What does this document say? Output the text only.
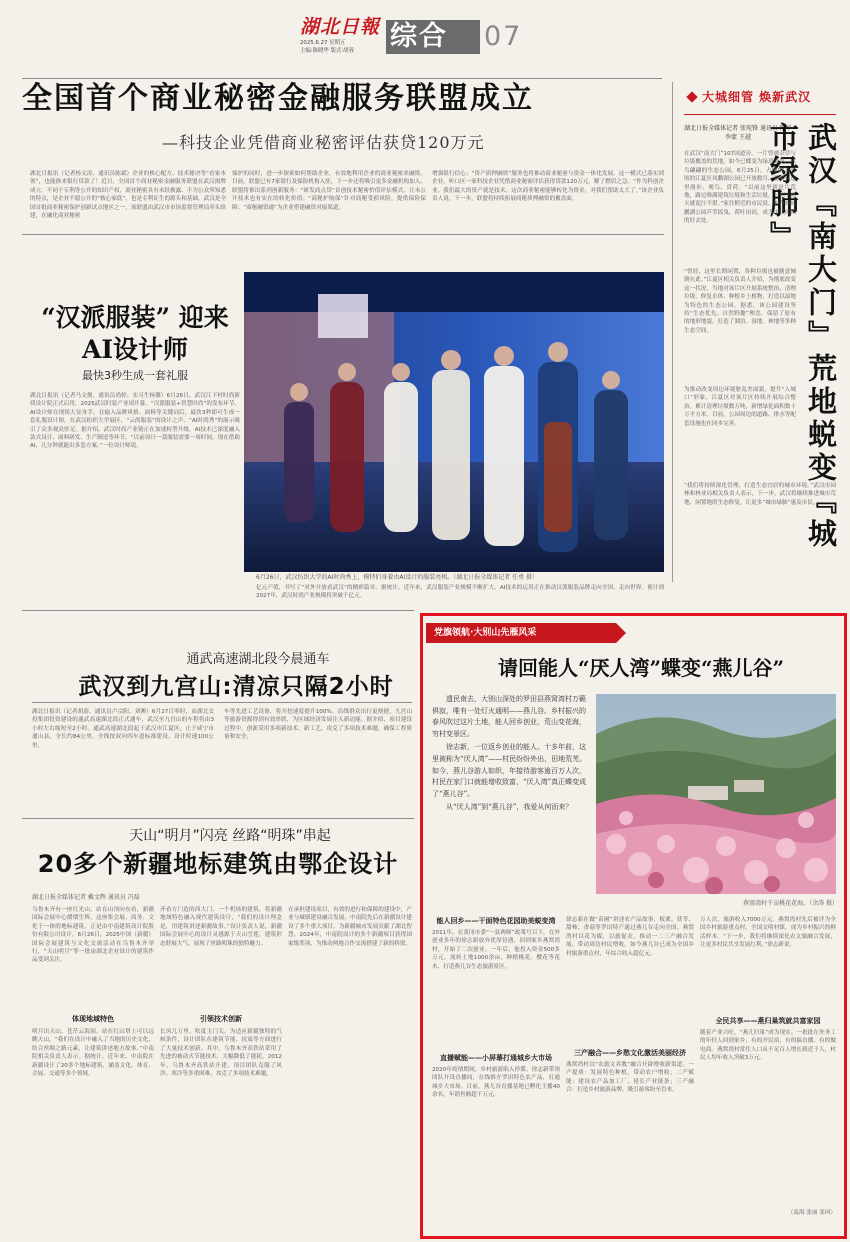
湖北日報
2025.6.27 星期五
主编:陈晓华 版式:胡蓉	综合 07
全国首个商业秘密金融服务联盟成立
—科技企业凭借商业秘密评估获贷120万元
湖北日报讯（记者杨文涛、通讯员陈斌）企业的核心配方、技术秘诀等“看家本领”，也能换来银行贷款了！近日，全国首个商业秘密金融服务联盟在武汉揭牌成立。不同于专利等公开的知识产权，商业秘密具有未经披露、不为公众所知悉的特点，是企业不愿公开的“核心家底”，也是专利证生的源头和基础。武汉是全国首批商业秘密保护创新试点地区之一，该联盟由武汉市市场监督管理局牵头组建，在融化商业秘密
保护的同时，进一步探索如何帮助企业，有效地利用企业的商业秘密来融资。目前，联盟已有7家银行及保险机构入驻，下一步还将吸引更多金融机构加入。联盟将推出系列创新服务：“研发商点贷”首创技术秘密价值评估模式，让未公开技术也有实在的转化价值；“商秘护航保”针对商秘受损风险，提供保险保障；“商秘融资通”为企业搭建融资对接渠道。
增强银行信心；“资产质押融资”服务也将推动商业秘密与资金一体化发展。这一模式已落实到企业。听口区一家科技企业凭借商业秘密评估获得贷款120万元，解了燃眉之急。“作为科创企业，我们最大的资产就是技术，这次商业秘密能够转化为资金，对我们帮助太大了。”该企业负责人说。下一步，联盟将持续拓展商秘质押融资的覆盖面。
大城细管 焕新武汉
湖北日报全媒体记者 张宛锋 通讯员 陈平 李蒙 王越	武汉『南大门』荒地蜕变『城市绿肺』
在武汉“南大门”107国道旁，一片曾被杂草与垃圾覆盖的荒地，如今已蝶变为绿意盎然、水鸟翩翩的生态公园。6月25日，占地96.9公顷的江夏区凤鹏湖公园已开放数月，游客在这里漫步、观鸟、赏荷。“以前这里就是片荒地，路边堆满建筑垃圾和生活垃圾，一到下雨天就泥泞不堪。”家住附近的市民说。如今的凤鹏湖公园芦苇摇曳、荷叶田田，成为市民休闲的好去处。
“曾经，这里长期闲置，各种垃圾也被随意倾倒在此。”江夏区相关负责人介绍，为彻底改变这一状况，当地对该片区开展系统整治，清理垃圾、修复水体、种植乡土植物，打造以湿地为特色的生态公园。据悉，该公园建设坚持“生态优先、自然野趣”理念，保留了原有的地形地貌，打造了湖泊、湿地、林地等多种生态空间。
为推动改变周边环境脏乱差面貌，提升“入城口”形象，江夏区对该片区持续开展综合整治，累计清理垃圾数万吨，新增绿化面积数十万平方米。目前，公园周边的道路、排水等配套设施也在同步完善。
“我们将持续深化管理，打造生态宜居的城市环境。”武汉市园林和林业局相关负责人表示，下一步，武汉将继续推进城市荒地、闲置地的生态修复，让更多“城市绿肺”惠及市民。
“汉派服装” 迎来AI设计师
最快3秒生成一套礼服
湖北日报讯（记者马文俊、通讯员尚婷、实习生杨馨）6月26日，武汉江下村时尚新质设计院正式启用，2025武汉时装产业周开幕，“汉派服装+智慧时尚”的发布环节，AI设计师在现场大显身手，在输入品牌风格、面料等关键词后，最快3秒即可生成一套礼服设计图。在武汉纺织大学展区，“云尚服装”的设计之声、“AI时尚秀”的展示吸引了众多观众驻足。据介绍，武汉时尚产业链正在加速转型升级，AI技术已深度融入款式设计、面料研发、生产制造等环节。“以前设计一款服装需要一周时间，现在借助AI，几分钟就能出多套方案。”一位设计师说。
6月26日，武汉纺织大学的AI时尚秀上，模特们身着由AI设计的服装亮相。（湖北日报全媒体记者 任勇 摄）
亿元产值，书写了“对外开放看武汉”的精彩篇章。据统计，近年来，武汉服装产业规模不断扩大，AI技术的运用正在推动汉派服装品牌走向全国、走向世界。预计到2027年，武汉时尚产业规模将突破千亿元。
通武高速湖北段今晨通车
武汉到九宫山:清凉只隔2小时
湖北日报讯（记者胡蔚、通讯员卢宗阳、刘澳）6月27日零时，由湖北交投集团投资建设的通武高速湖北段正式通车，武汉至九宫山的车程将由3小时左右缩短至2小时。通武高速湖北段起于武汉市江夏区，止于咸宁市通山县，全长约84公里，全线按双向四车道标准建设，设计时速100公里。
车等先进工艺设备，将开挖速度提升100%。沿线群众出行更便捷，九宫山等旅游资源得到有效串联，为区域经济发展注入新动能。据介绍，项目建设过程中，创新采用多项新技术、新工艺，攻克了多项技术难题，确保工程质量和安全。
天山“明月”闪亮 丝路“明珠”串起
20多个新疆地标建筑由鄂企设计
湖北日报全媒体记者 戴文辉 通讯员 冯磊
乌鲁木齐有一座红光山，站在山顶向东看，新疆国际会展中心熠熠生辉，这座集会展、商务、文化于一体的地标建筑，正是由中南建筑设计院股份有限公司设计。6月26日，2025中国（新疆）国际会展建筑与文化交流活动在乌鲁木齐举行，“天山明月”等一批由湖北企业设计的建筑作品受到关注。
体现地域特色
明月出天山，苍茫云海间。站在红山塔上可以远眺天山，“我们在设计中融入了当地的历史文化，结合丝绸之路元素，让建筑讲述地方故事。”中南院相关负责人表示。据统计，近年来，中南院在新疆设计了20多个地标建筑，涵盖文化、体育、会展、交通等多个领域。
齐看方门造的西大门，一个机场的建筑。将新疆地域特色融入现代建筑设计，“我们的设计理念是，用建筑讲述新疆故事。”设计负责人说，新疆国际会展中心的设计灵感源于天山雪莲，建筑形态舒展大气，展现了丝路明珠的独特魅力。
引领技术创新
长风几万里，吹度玉门关。为适应新疆独特的气候条件，设计团队在建筑节能、抗震等方面进行了大量技术创新。其中，乌鲁木齐高铁站采用了先进的被动式节能技术，大幅降低了能耗。2012年，乌鲁木齐高铁站开建，项目团队克服了风沙、寒冷等多重困难，攻克了多项技术难题。
在承担建设项目，有效的进行和保障的建设中，产业与城镇建设融合发展。中南院先后在新疆设计建设了多个重大项目，为新疆城市发展贡献了湖北智慧。2024年，中南院设计的多个新疆项目获得国家级奖项，为推动两地合作交流搭建了新的桥梁。
党旗领航·大别山先雁风采
请回能人“厌人湾”蝶变“燕儿谷”

遗民南去，大别山深处的罗田县燕窝湾村万籁俱寂，唯有一处灯火通明——燕儿谷。乡村振兴的春风吹过这片土地，能人回乡创业，荒山变花海，穷村变景区。

徐志新，一位返乡创业的能人。十多年前，这里被称为“厌人湾”——村民纷纷外出，田地荒芜。如今，燕儿谷游人如织，年接待游客逾百万人次，村民在家门口就能增收致富，“厌人湾”真正蝶变成了“燕儿谷”。

从“厌人湾”到“燕儿谷”，我爱从何而来？

燕窝湾村千亩桃花花海。（余涛 摄）
能人回乡——干面特色花园助美蜕变湾
2011年，在黄冈市委“一县两师”政策号召下，在外创业多年的徐志新放弃优厚待遇，回到家乡燕窝湾村，开始了二次创业。一年后，他投入资金500多万元，流转土地1000余亩，种植桃花、樱花等花木，打造燕儿谷生态旅游景区。
直播赋能——小屏幕打通城乡大市场
2020年疫情期间，乡村旅游陷入停滞。徐志新带领团队开设直播间，在线推介罗田特色农产品，打通城乡大市场。目前，燕儿谷直播基地已孵化主播40余名，年销售额超千万元。
徐志新在做“苗圃”讲述农产品故事，板栗、茯苓、甜柿、香菇等罗田特产通过燕儿谷走向全国。燕窝湾村以花为媒，以旅促农，推动一二三产融合发展，带动周边村民增收。如今燕儿谷已成为全国乡村旅游重点村，年综合收入超亿元。
三产融合——乡愁文化激活美丽经济
燕窝湾村以“农旅文养教”融合开辟增收新渠道。一产提质：发展特色种植，带动农户增收；二产赋能：建设农产品加工厂，延长产业链条；三产融合：打造乡村旅游品牌，吸引游客纷至沓来。
万人次，旅游收入7000万元。燕窝湾村先后被评为全国乡村旅游重点村、全国文明村镇，成为乡村振兴的鲜活样本。“下一步，我们将继续深化农文旅融合发展，让更多村民共享发展红利。”徐志新说。
全民共享——燕归巢筑就共富家园
随着产业兴旺，“燕儿归巢”成为现实。一批批在外务工的年轻人回到家乡，有的开民宿，有的搞直播，有的做电商。燕窝湾村常住人口从不足百人增长到近千人，村民人均年收入突破3万元。
（南海 张丽 张珂）
